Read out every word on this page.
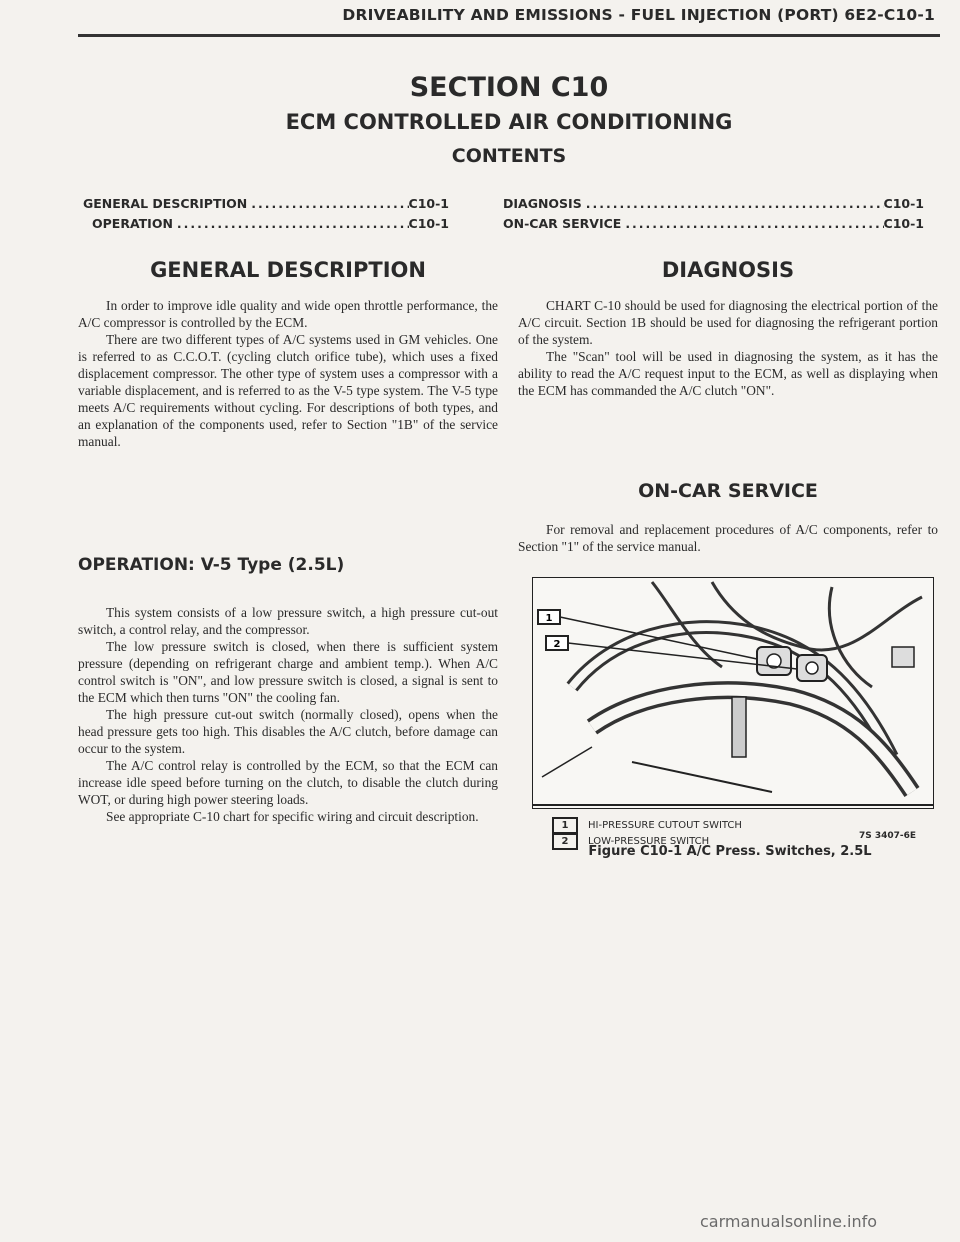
DRIVEABILITY AND EMISSIONS - FUEL INJECTION (PORT) 6E2-C10-1
SECTION C10
ECM CONTROLLED AIR CONDITIONING
CONTENTS
GENERAL DESCRIPTION .....	C10-1
OPERATION .....	C10-1
DIAGNOSIS .....	C10-1
ON-CAR SERVICE .....	C10-1
GENERAL DESCRIPTION

In order to improve idle quality and wide open throttle performance, the A/C compressor is controlled by the ECM.

There are two different types of A/C systems used in GM vehicles. One is referred to as C.C.O.T. (cycling clutch orifice tube), which uses a fixed displacement compressor. The other type of system uses a compressor with a variable displacement, and is referred to as the V-5 type system. The V-5 type meets A/C requirements without cycling. For descriptions of both types, and an explanation of the components used, refer to Section "1B" of the service manual.

OPERATION: V-5 Type (2.5L)

This system consists of a low pressure switch, a high pressure cut-out switch, a control relay, and the compressor.

The low pressure switch is closed, when there is sufficient system pressure (depending on refrigerant charge and ambient temp.). When A/C control switch is "ON", and low pressure switch is closed, a signal is sent to the ECM which then turns "ON" the cooling fan.

The high pressure cut-out switch (normally closed), opens when the head pressure gets too high. This disables the A/C clutch, before damage can occur to the system.

The A/C control relay is controlled by the ECM, so that the ECM can increase idle speed before turning on the clutch, to disable the clutch during WOT, or during high power steering loads.

See appropriate C-10 chart for specific wiring and circuit description.

DIAGNOSIS

CHART C-10 should be used for diagnosing the electrical portion of the A/C circuit. Section 1B should be used for diagnosing the refrigerant portion of the system.

The "Scan" tool will be used in diagnosing the system, as it has the ability to read the A/C request input to the ECM, as well as displaying when the ECM has commanded the A/C clutch "ON".

ON-CAR SERVICE

For removal and replacement procedures of A/C components, refer to Section "1" of the service manual.

1
2
1	HI-PRESSURE CUTOUT SWITCH
2	LOW-PRESSURE SWITCH	7S 3407-6E
Figure C10-1 A/C Press. Switches, 2.5L
carmanualsonline.info
